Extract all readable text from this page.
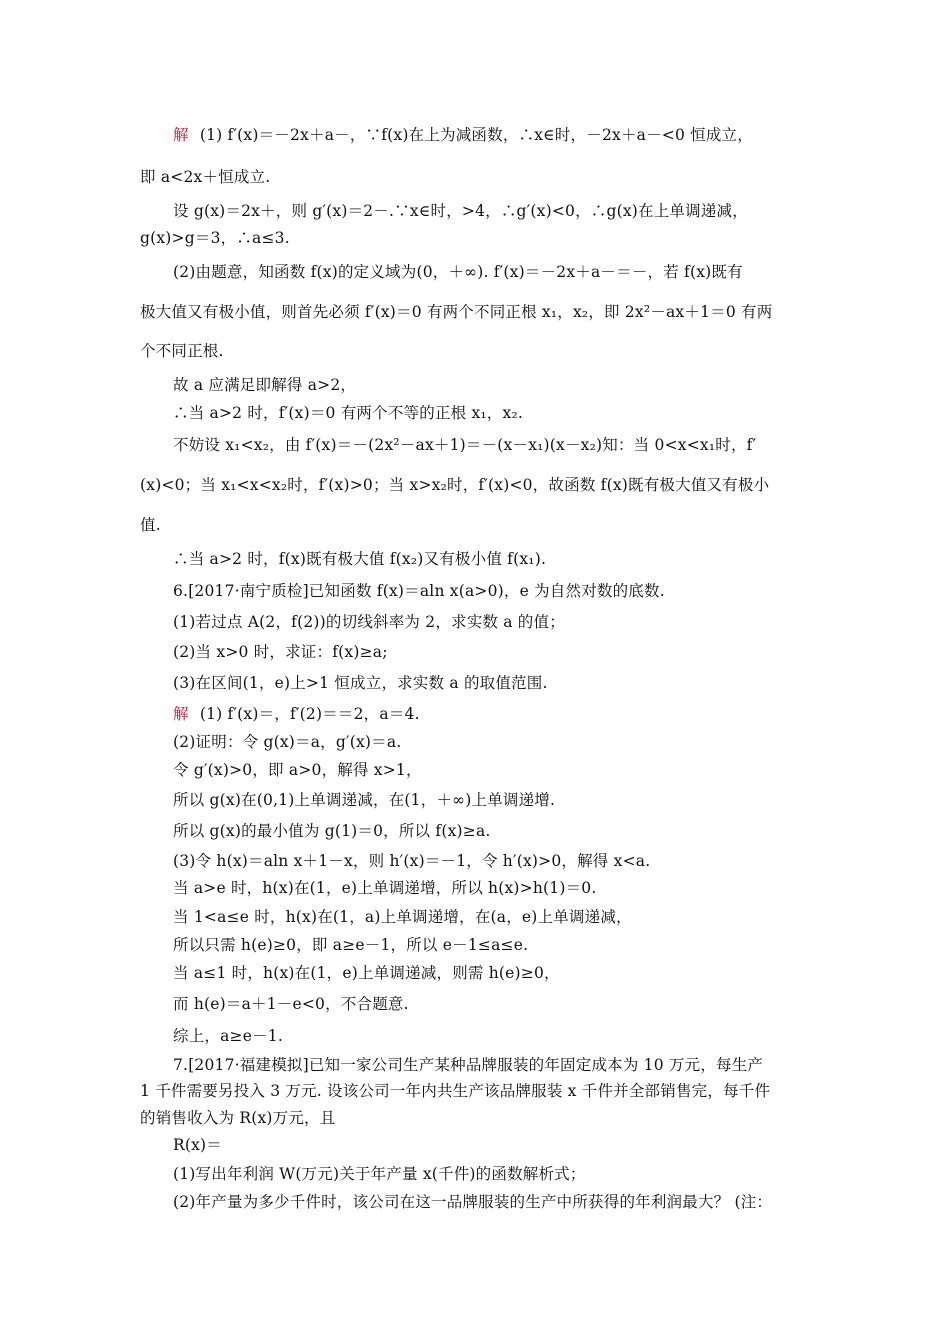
解 (1) f′(x)＝－2x＋a－，∵f(x)在上为减函数，∴x∈时，－2x＋a－<0 恒成立，
即 a<2x＋恒成立.
设 g(x)＝2x＋，则 g′(x)＝2－.∵x∈时，>4，∴g′(x)<0，∴g(x)在上单调递减，
g(x)>g＝3，∴a≤3.
(2)由题意，知函数 f(x)的定义域为(0，＋∞). f′(x)＝－2x＋a－＝－，若 f(x)既有
极大值又有极小值，则首先必须 f′(x)＝0 有两个不同正根 x₁，x₂，即 2x²－ax＋1＝0 有两
个不同正根.
故 a 应满足即解得 a>2，
∴当 a>2 时，f′(x)＝0 有两个不等的正根 x₁，x₂.
不妨设 x₁<x₂，由 f′(x)＝－(2x²－ax＋1)＝－(x－x₁)(x－x₂)知：当 0<x<x₁时，f′
(x)<0；当 x₁<x<x₂时，f′(x)>0；当 x>x₂时，f′(x)<0，故函数 f(x)既有极大值又有极小
值.
∴当 a>2 时，f(x)既有极大值 f(x₂)又有极小值 f(x₁).
6.[2017·南宁质检]已知函数 f(x)＝aln x(a>0)，e 为自然对数的底数.
(1)若过点 A(2，f(2))的切线斜率为 2，求实数 a 的值；
(2)当 x>0 时，求证：f(x)≥a;
(3)在区间(1，e)上>1 恒成立，求实数 a 的取值范围.
解 (1) f′(x)＝，f′(2)＝＝2，a＝4.
(2)证明：令 g(x)＝a，g′(x)＝a.
令 g′(x)>0，即 a>0，解得 x>1，
所以 g(x)在(0,1)上单调递减，在(1，＋∞)上单调递增.
所以 g(x)的最小值为 g(1)＝0，所以 f(x)≥a.
(3)令 h(x)＝aln x＋1－x，则 h′(x)＝－1，令 h′(x)>0，解得 x<a.
当 a>e 时，h(x)在(1，e)上单调递增，所以 h(x)>h(1)＝0.
当 1<a≤e 时，h(x)在(1，a)上单调递增，在(a，e)上单调递减，
所以只需 h(e)≥0，即 a≥e－1，所以 e－1≤a≤e.
当 a≤1 时，h(x)在(1，e)上单调递减，则需 h(e)≥0，
而 h(e)＝a＋1－e<0，不合题意.
综上，a≥e－1.
7.[2017·福建模拟]已知一家公司生产某种品牌服装的年固定成本为 10 万元，每生产
1 千件需要另投入 3 万元. 设该公司一年内共生产该品牌服装 x 千件并全部销售完，每千件
的销售收入为 R(x)万元，且
R(x)＝
(1)写出年利润 W(万元)关于年产量 x(千件)的函数解析式；
(2)年产量为多少千件时，该公司在这一品牌服装的生产中所获得的年利润最大？ (注：
